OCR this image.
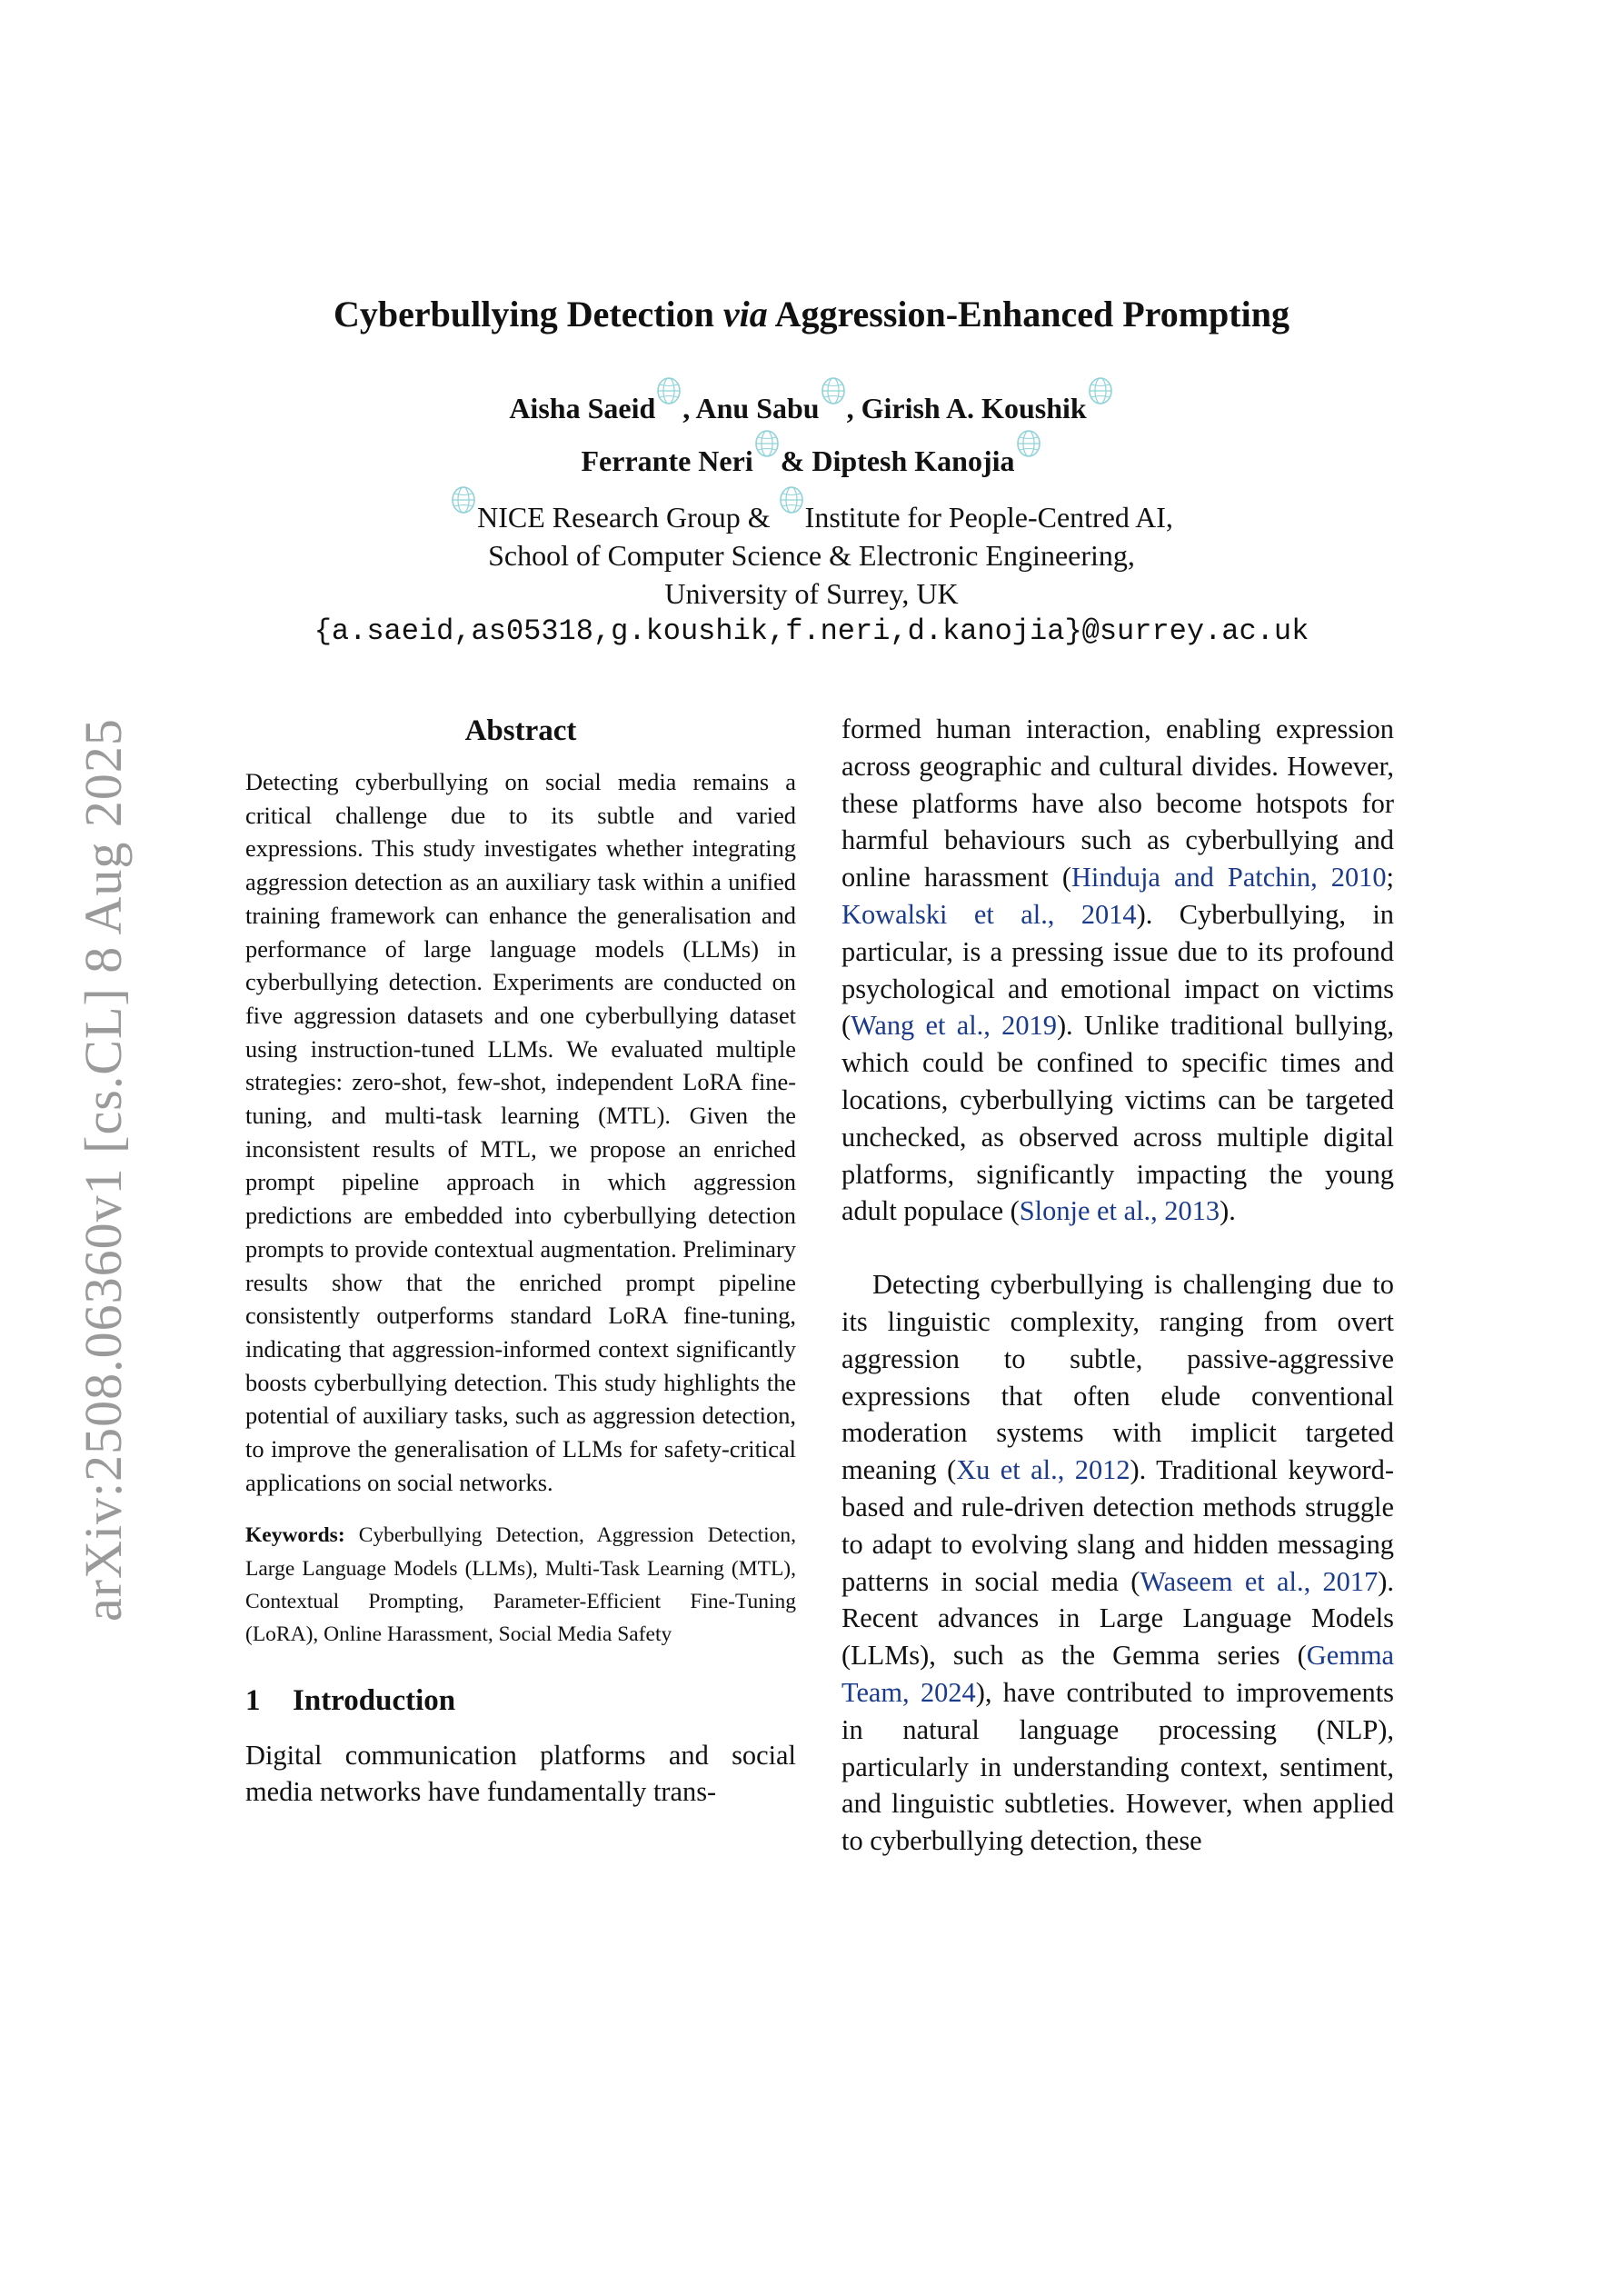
arXiv:2508.06360v1 [cs.CL] 8 Aug 2025
Cyberbullying Detection via Aggression-Enhanced Prompting
Aisha Saeid , Anu Sabu , Girish A. Koushik
Ferrante Neri & Diptesh Kanojia
NICE Research Group &
Institute for People-Centred AI,
School of Computer Science & Electronic Engineering,
University of Surrey, UK
{a.saeid,as05318,g.koushik,f.neri,d.kanojia}@surrey.ac.uk
Abstract

Detecting cyberbullying on social media remains a critical challenge due to its subtle and varied expressions. This study investigates whether integrating aggression detection as an auxiliary task within a unified training framework can enhance the generalisation and performance of large language models (LLMs) in cyberbullying detection. Experiments are conducted on five aggression datasets and one cyberbullying dataset using instruction-tuned LLMs. We evaluated multiple strategies: zero-shot, few-shot, independent LoRA fine-tuning, and multi-task learning (MTL). Given the inconsistent results of MTL, we propose an enriched prompt pipeline approach in which aggression predictions are embedded into cyberbullying detection prompts to provide contextual augmentation. Preliminary results show that the enriched prompt pipeline consistently outperforms standard LoRA fine-tuning, indicating that aggression-informed context significantly boosts cyberbullying detection. This study highlights the potential of auxiliary tasks, such as aggression detection, to improve the generalisation of LLMs for safety-critical applications on social networks.

Keywords: Cyberbullying Detection, Aggression Detection, Large Language Models (LLMs), Multi-Task Learning (MTL), Contextual Prompting, Parameter-Efficient Fine-Tuning (LoRA), Online Harassment, Social Media Safety

1 Introduction

Digital communication platforms and social media networks have fundamentally trans-

formed human interaction, enabling expression across geographic and cultural divides. However, these platforms have also become hotspots for harmful behaviours such as cyberbullying and online harassment (Hinduja and Patchin, 2010; Kowalski et al., 2014). Cyberbullying, in particular, is a pressing issue due to its profound psychological and emotional impact on victims (Wang et al., 2019). Unlike traditional bullying, which could be confined to specific times and locations, cyberbullying victims can be targeted unchecked, as observed across multiple digital platforms, significantly impacting the young adult populace (Slonje et al., 2013).

Detecting cyberbullying is challenging due to its linguistic complexity, ranging from overt aggression to subtle, passive-aggressive expressions that often elude conventional moderation systems with implicit targeted meaning (Xu et al., 2012). Traditional keyword-based and rule-driven detection methods struggle to adapt to evolving slang and hidden messaging patterns in social media (Waseem et al., 2017). Recent advances in Large Language Models (LLMs), such as the Gemma series (Gemma Team, 2024), have contributed to improvements in natural language processing (NLP), particularly in understanding context, sentiment, and linguistic subtleties. However, when applied to cyberbullying detection, these
